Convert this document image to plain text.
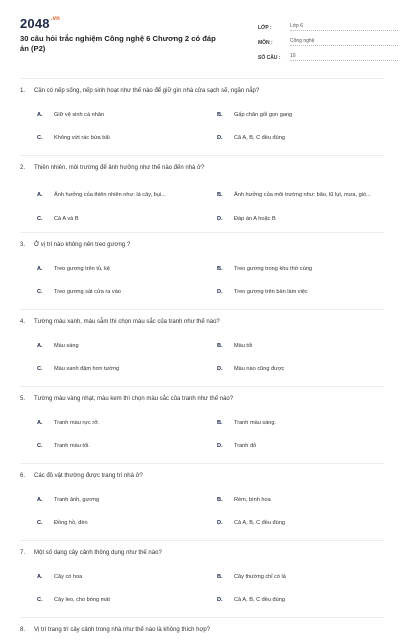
$2048^{.vn}$
30 câu hỏi trắc nghiệm Công nghệ 6 Chương 2 có đáp án (P2)
LỚP :	Lớp 6
MÔN :	Công nghệ
SỐ CÂU :	10
1.	Cần có nếp sống, nếp sinh hoạt như thế nào để giữ gìn nhà cửa sạch sẽ, ngăn nắp?
A.	Giữ vệ sinh cá nhân	B.	Gấp chăn gối gọn gang
C.	Không vứt rác bừa bãi	D.	Cả A, B, C đều đúng
2.	Thiên nhiên, môi trường để ảnh hưởng như thế nào đến nhà ở?
A.	Ảnh hưởng của thiên nhiên như: lá cây, bụi...	B.	Ảnh hưởng của môi trường như: bão, lũ lụt, mưa, gió...
C.	Cả A và B	D.	Đáp án A hoặc B
3.	Ở vị trí nào không nên treo gương ?
A.	Treo gương trên tủ, kệ	B.	Treo gương trong khu thờ cúng
C.	Treo gương sát cửa ra vào	D.	Treo gương trên bàn làm việc
4.	Tường màu xanh, màu sẫm thì chọn màu sắc của tranh như thế nào?
A.	Màu sáng	B.	Màu tối
C.	Màu xanh đậm hơn tường	D.	Màu nào cũng được
5.	Tường màu vàng nhạt, màu kem thì chọn màu sắc của tranh như thế nào?
A.	Tranh màu rực rỡ.	B.	Tranh màu sáng.
C.	Tranh màu tối.	D.	Tranh đỏ
6.	Các đồ vật thường được trang trí nhà ở?
A.	Tranh ảnh, gương	B.	Rèm, bình hoa
C.	Đồng hồ, đèn	D.	Cả A, B, C đều đúng
7.	Một số dạng cây cảnh thông dụng như thế nào?
A.	Cây có hoa	B.	Cây thường chỉ có lá
C.	Cây leo, cho bóng mát	D.	Cả A, B, C đều đúng
8.	Vị trí trang trí cây cảnh trong nhà như thế nào là không thích hợp?
